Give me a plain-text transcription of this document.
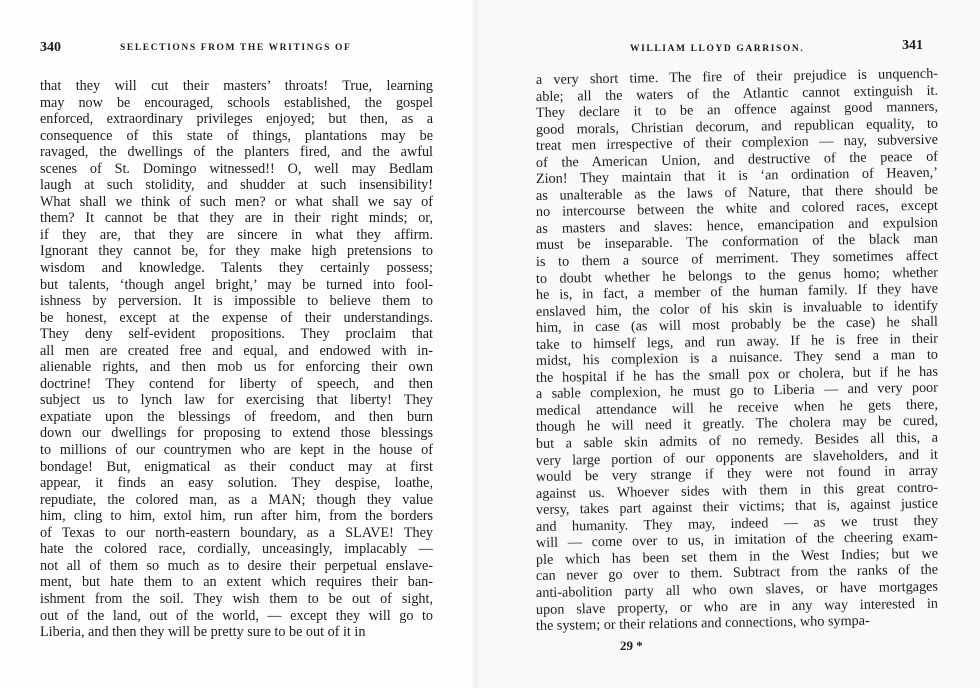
340	SELECTIONS FROM THE WRITINGS OF
that they will cut their masters’ throats! True, learning
may now be encouraged, schools established, the gospel
enforced, extraordinary privileges enjoyed; but then, as a
consequence of this state of things, plantations may be
ravaged, the dwellings of the planters fired, and the awful
scenes of St. Domingo witnessed!! O, well may Bedlam
laugh at such stolidity, and shudder at such insensibility!
What shall we think of such men? or what shall we say of
them? It cannot be that they are in their right minds; or,
if they are, that they are sincere in what they affirm.
Ignorant they cannot be, for they make high pretensions to
wisdom and knowledge. Talents they certainly possess;
but talents, ‘though angel bright,’ may be turned into fool-
ishness by perversion. It is impossible to believe them to
be honest, except at the expense of their understandings.
They deny self-evident propositions. They proclaim that
all men are created free and equal, and endowed with in-
alienable rights, and then mob us for enforcing their own
doctrine! They contend for liberty of speech, and then
subject us to lynch law for exercising that liberty! They
expatiate upon the blessings of freedom, and then burn
down our dwellings for proposing to extend those blessings
to millions of our countrymen who are kept in the house of
bondage! But, enigmatical as their conduct may at first
appear, it finds an easy solution. They despise, loathe,
repudiate, the colored man, as a MAN; though they value
him, cling to him, extol him, run after him, from the borders
of Texas to our north-eastern boundary, as a SLAVE! They
hate the colored race, cordially, unceasingly, implacably —
not all of them so much as to desire their perpetual enslave-
ment, but hate them to an extent which requires their ban-
ishment from the soil. They wish them to be out of sight,
out of the land, out of the world, — except they will go to
Liberia, and then they will be pretty sure to be out of it in
WILLIAM LLOYD GARRISON.	341
a very short time. The fire of their prejudice is unquench-
able; all the waters of the Atlantic cannot extinguish it.
They declare it to be an offence against good manners,
good morals, Christian decorum, and republican equality, to
treat men irrespective of their complexion — nay, subversive
of the American Union, and destructive of the peace of
Zion! They maintain that it is ‘an ordination of Heaven,’
as unalterable as the laws of Nature, that there should be
no intercourse between the white and colored races, except
as masters and slaves: hence, emancipation and expulsion
must be inseparable. The conformation of the black man
is to them a source of merriment. They sometimes affect
to doubt whether he belongs to the genus homo; whether
he is, in fact, a member of the human family. If they have
enslaved him, the color of his skin is invaluable to identify
him, in case (as will most probably be the case) he shall
take to himself legs, and run away. If he is free in their
midst, his complexion is a nuisance. They send a man to
the hospital if he has the small pox or cholera, but if he has
a sable complexion, he must go to Liberia — and very poor
medical attendance will he receive when he gets there,
though he will need it greatly. The cholera may be cured,
but a sable skin admits of no remedy. Besides all this, a
very large portion of our opponents are slaveholders, and it
would be very strange if they were not found in array
against us. Whoever sides with them in this great contro-
versy, takes part against their victims; that is, against justice
and humanity. They may, indeed — as we trust they
will — come over to us, in imitation of the cheering exam-
ple which has been set them in the West Indies; but we
can never go over to them. Subtract from the ranks of the
anti-abolition party all who own slaves, or have mortgages
upon slave property, or who are in any way interested in
the system; or their relations and connections, who sympa-
29 *
